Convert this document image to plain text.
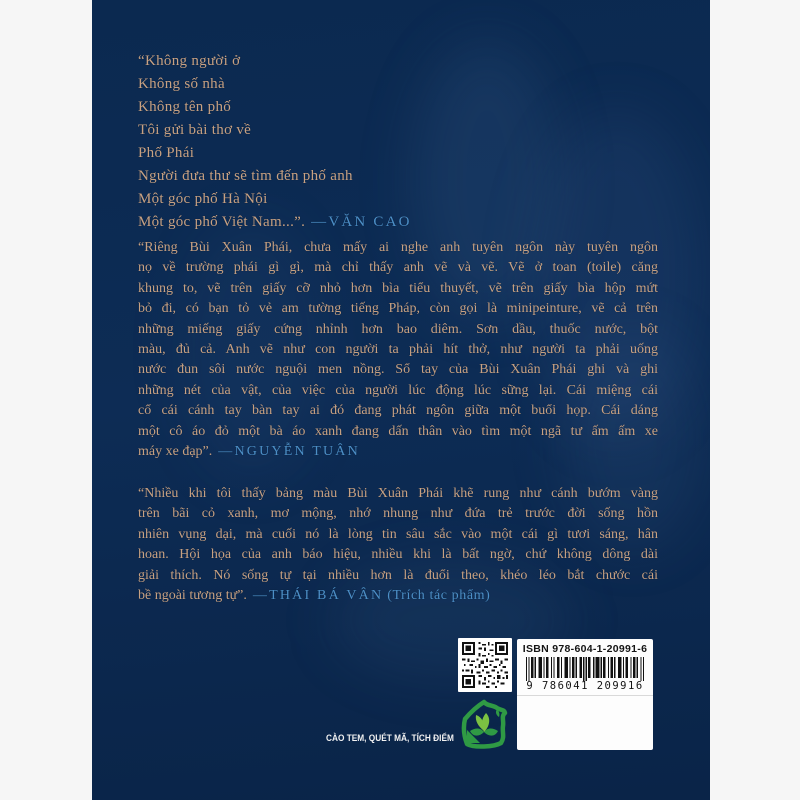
“Không người ở
Không số nhà
Không tên phố
Tôi gửi bài thơ về
Phố Phái
Người đưa thư sẽ tìm đến phố anh
Một góc phố Hà Nội
Một góc phố Việt Nam...”. —VĂN CAO
“Riêng Bùi Xuân Phái, chưa mấy ai nghe anh tuyên ngôn này tuyên ngôn
nọ về trường phái gì gì, mà chỉ thấy anh vẽ và vẽ. Vẽ ở toan (toile) căng
khung to, vẽ trên giấy cỡ nhỏ hơn bìa tiểu thuyết, vẽ trên giấy bìa hộp mứt
bỏ đi, có bạn tỏ vẻ am tường tiếng Pháp, còn gọi là minipeinture, vẽ cả trên
những miếng giấy cứng nhỉnh hơn bao diêm. Sơn dầu, thuốc nước, bột
màu, đủ cả. Anh vẽ như con người ta phải hít thở, như người ta phải uống
nước đun sôi nước nguội men nồng. Sổ tay của Bùi Xuân Phái ghi và ghi
những nét của vật, của việc của người lúc động lúc sững lại. Cái miệng cái
cổ cái cánh tay bàn tay ai đó đang phát ngôn giữa một buổi họp. Cái dáng
một cô áo đỏ một bà áo xanh đang dấn thân vào tìm một ngã tư ấm ấm xe
máy xe đạp”. —NGUYỄN TUÂN
“Nhiều khi tôi thấy bảng màu Bùi Xuân Phái khẽ rung như cánh bướm vàng
trên bãi cỏ xanh, mơ mộng, nhớ nhung như đứa trẻ trước đời sống hồn
nhiên vụng dại, mà cuối nó là lòng tin sâu sắc vào một cái gì tươi sáng, hân
hoan. Hội họa của anh báo hiệu, nhiều khi là bất ngờ, chứ không dông dài
giải thích. Nó sống tự tại nhiều hơn là đuổi theo, khéo léo bắt chước cái
bề ngoài tương tự”. —THÁI BÁ VÂN (Trích tác phẩm)
CÀO TEM, QUÉT MÃ, TÍCH ĐIỂM
ISBN 978-604-1-20991-6
9 786041 209916
